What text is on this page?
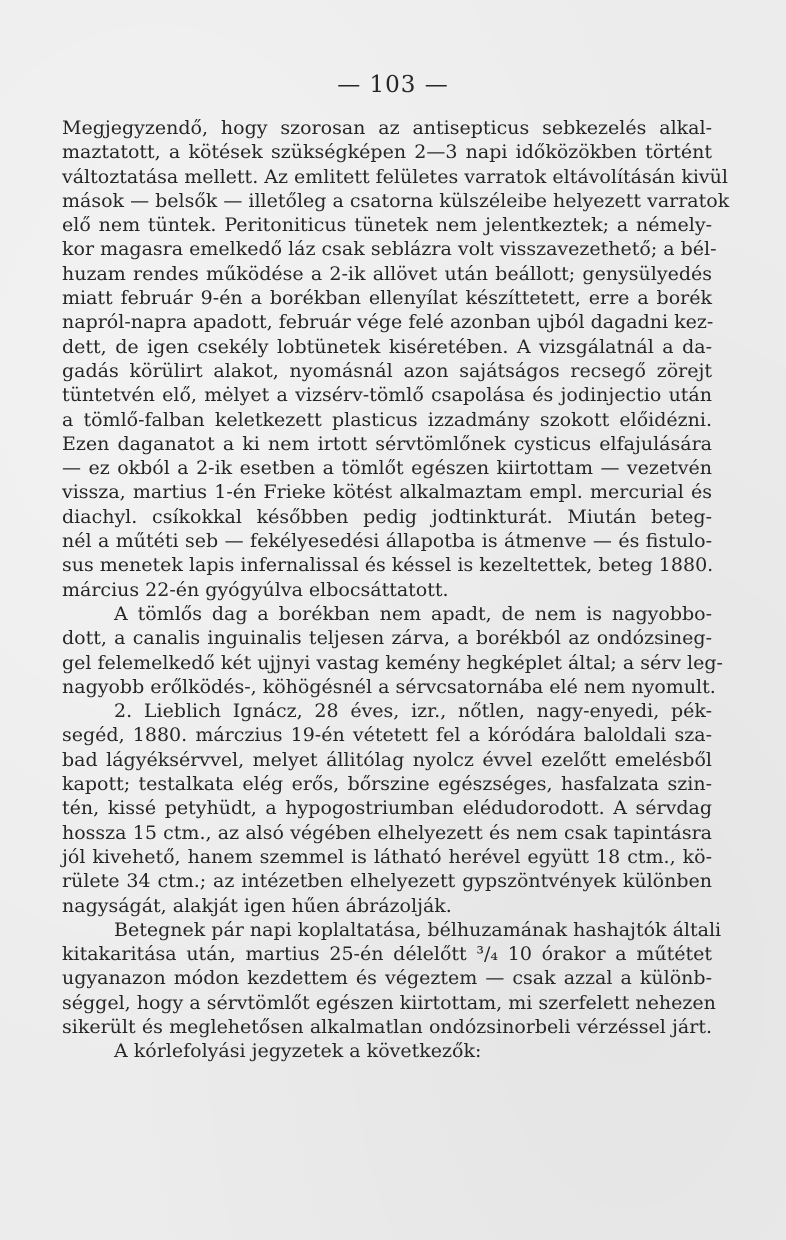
— 103 —
Megjegyzendő, hogy szorosan az antisepticus sebkezelés alkal-
maztatott, a kötések szükségképen 2—3 napi időközökben történt
változtatása mellett. Az emlitett felületes varratok eltávolításán kivül
mások — belsők — illetőleg a csatorna külszéleibe helyezett varratok
elő nem tüntek. Peritoniticus tünetek nem jelentkeztek; a némely-
kor magasra emelkedő láz csak seblázra volt visszavezethető; a bél-
huzam rendes működése a 2-ik allövet után beállott; genysülyedés
miatt február 9-én a borékban ellenyílat készíttetett, erre a borék
napról-napra apadott, február vége felé azonban ujból dagadni kez-
dett, de igen csekély lobtünetek kiséretében. A vizsgálatnál a da-
gadás körülirt alakot, nyomásnál azon sajátságos recsegő zörejt
tüntetvén elő, mėlyet a vizsérv-tömlő csapolása és jodinjectio után
a tömlő-falban keletkezett plasticus izzadmány szokott előidézni.
Ezen daganatot a ki nem irtott sérvtömlőnek cysticus elfajulására
— ez okból a 2-ik esetben a tömlőt egészen kiirtottam — vezetvén
vissza, martius 1-én Frieke kötést alkalmaztam empl. mercurial és
diachyl. csíkokkal későbben pedig jodtinkturát. Miután beteg-
nél a műtéti seb — fekélyesedési állapotba is átmenve — és fistulo-
sus menetek lapis infernalissal és késsel is kezeltettek, beteg 1880.
március 22-én gyógyúlva elbocsáttatott.
A tömlős dag a borékban nem apadt, de nem is nagyobbo-
dott, a canalis inguinalis teljesen zárva, a borékból az ondózsineg-
gel felemelkedő két ujjnyi vastag kemény hegképlet által; a sérv leg-
nagyobb erőlködés-, köhögésnél a sérvcsatornába elé nem nyomult.
2. Lieblich Ignácz, 28 éves, izr., nőtlen, nagy-enyedi, pék-
segéd, 1880. márczius 19-én vétetett fel a kóródára baloldali sza-
bad lágyéksérvvel, melyet állitólag nyolcz évvel ezelőtt emelésből
kapott; testalkata elég erős, bőrszine egészséges, hasfalzata szin-
tén, kissé petyhüdt, a hypogostriumban elédudorodott. A sérvdag
hossza 15 ctm., az alsó végében elhelyezett és nem csak tapintásra
jól kivehető, hanem szemmel is látható herével együtt 18 ctm., kö-
rülete 34 ctm.; az intézetben elhelyezett gypszöntvények különben
nagyságát, alakját igen hűen ábrázolják.
Betegnek pár napi koplaltatása, bélhuzamának hashajtók általi
kitakaritása után, martius 25-én délelőtt ³/₄ 10 órakor a műtétet
ugyanazon módon kezdettem és végeztem — csak azzal a különb-
séggel, hogy a sérvtömlőt egészen kiirtottam, mi szerfelett nehezen
sikerült és meglehetősen alkalmatlan ondózsinorbeli vérzéssel járt.
A kórlefolyási jegyzetek a következők:
